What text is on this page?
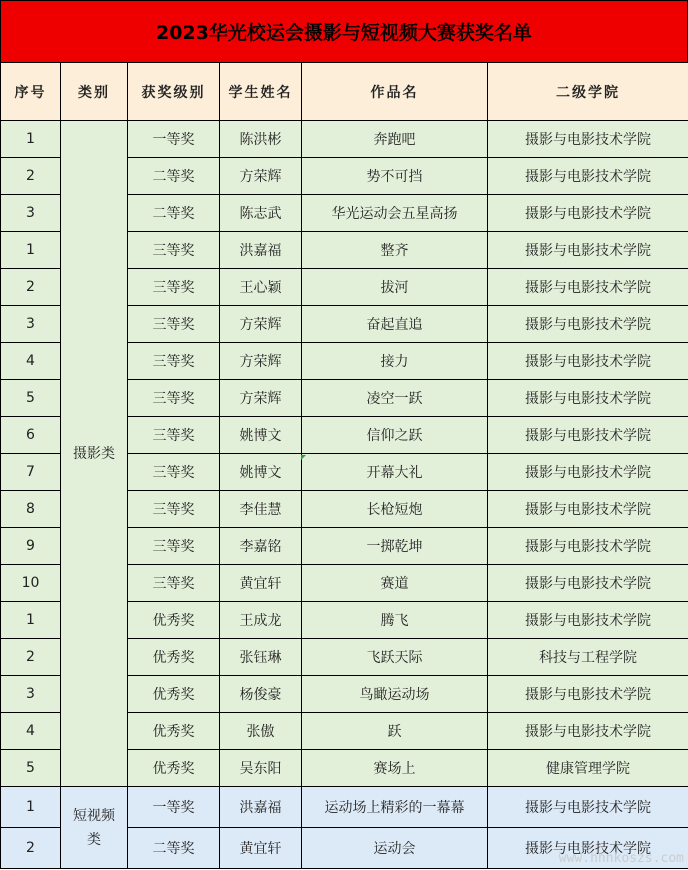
2023华光校运会摄影与短视频大赛获奖名单
序号	类别	获奖级别	学生姓名	作品名	二级学院
1	摄影类	一等奖	陈洪彬	奔跑吧	摄影与电影技术学院
2		二等奖	方荣辉	势不可挡	摄影与电影技术学院
3		二等奖	陈志武	华光运动会五星高扬	摄影与电影技术学院
1		三等奖	洪嘉福	整齐	摄影与电影技术学院
2		三等奖	王心颖	拔河	摄影与电影技术学院
3		三等奖	方荣辉	奋起直追	摄影与电影技术学院
4		三等奖	方荣辉	接力	摄影与电影技术学院
5		三等奖	方荣辉	凌空一跃	摄影与电影技术学院
6		三等奖	姚博文	信仰之跃	摄影与电影技术学院
7		三等奖	姚博文	开幕大礼	摄影与电影技术学院
8		三等奖	李佳慧	长枪短炮	摄影与电影技术学院
9		三等奖	李嘉铭	一掷乾坤	摄影与电影技术学院
10		三等奖	黄宜轩	赛道	摄影与电影技术学院
1		优秀奖	王成龙	腾飞	摄影与电影技术学院
2		优秀奖	张钰琳	飞跃天际	科技与工程学院
3		优秀奖	杨俊豪	鸟瞰运动场	摄影与电影技术学院
4		优秀奖	张傲	跃	摄影与电影技术学院
5		优秀奖	吴东阳	赛场上	健康管理学院
1	短视频类	一等奖	洪嘉福	运动场上精彩的一幕幕	摄影与电影技术学院
2		二等奖	黄宜轩	运动会	摄影与电影技术学院
www.hnnkoszs.com
